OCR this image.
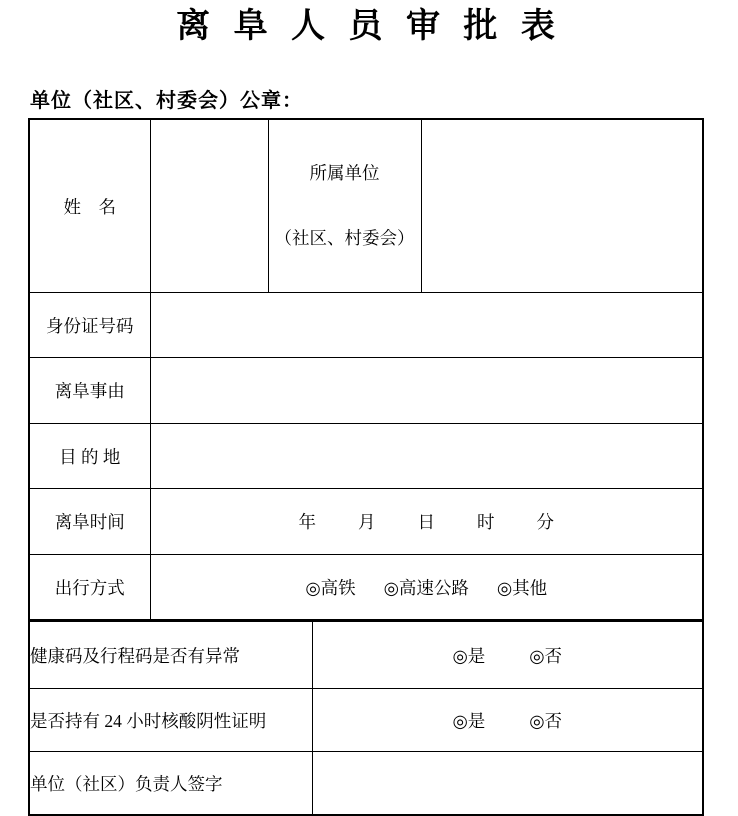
离 阜 人 员 审 批 表
单位（社区、村委会）公章：
姓　名		所属单位

（社区、村委会）		

身份证号码				
离阜事由				
目 的 地				
离阜时间	年 月 日 时 分			
出行方式	◎高铁 ◎高速公路 ◎其他			
健康码及行程码是否有异常			◎是 ◎否	
是否持有 24 小时核酸阴性证明			◎是 ◎否	
单位（社区）负责人签字				
